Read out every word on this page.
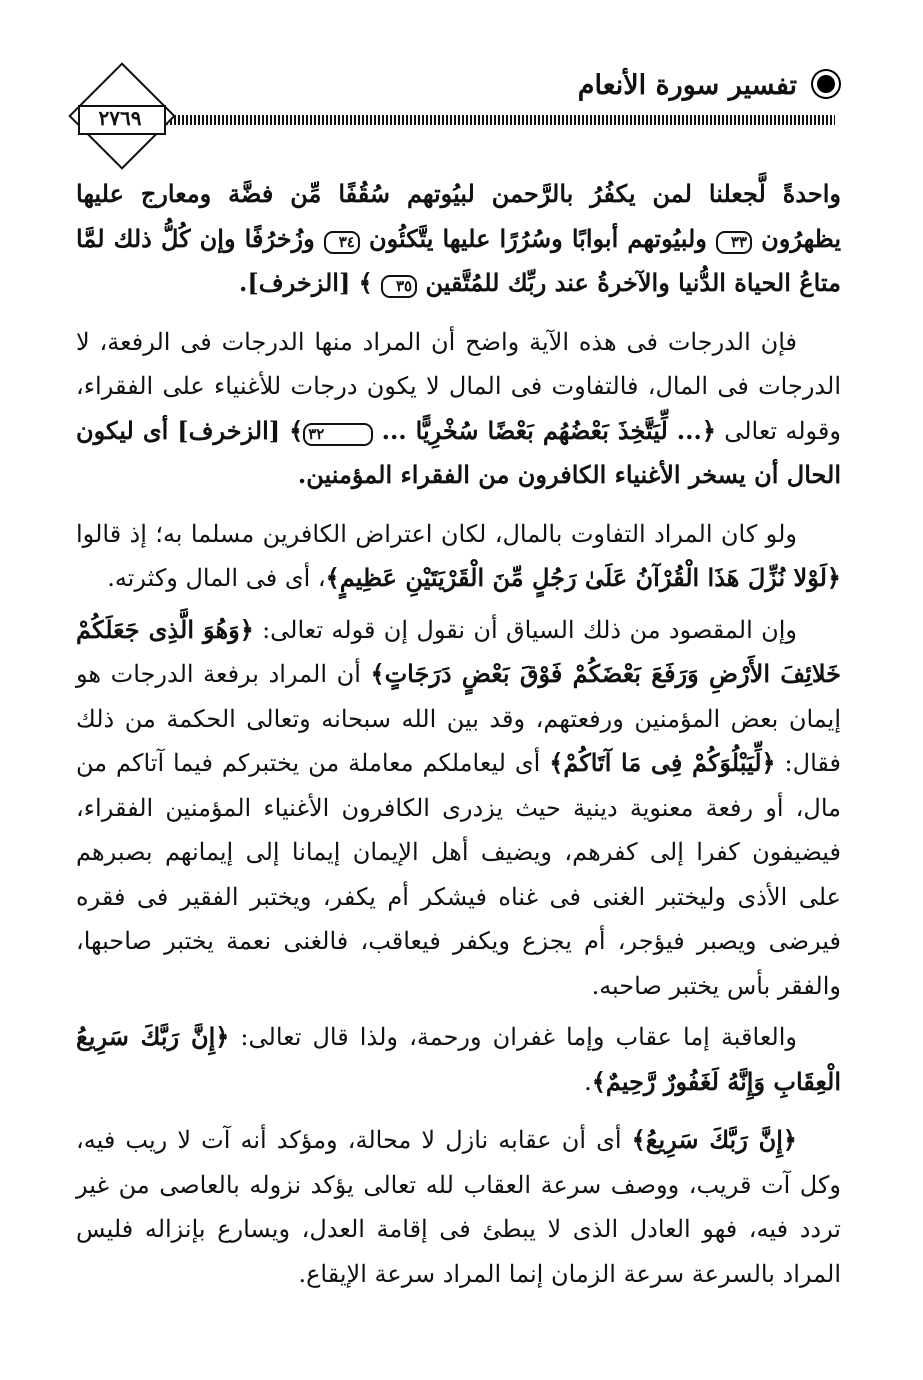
تفسير سورة الأنعام
٢٧٦٩

واحدةً لَّجعلنا لمن يكفُرُ بالرَّحمن لبيُوتهم سُقُفًا مِّن فضَّة ومعارج عليها يظهرُون ٣٣ ولبيُوتهم أبوابًا وسُرُرًا عليها يتَّكئُون ٣٤ وزُخرُفًا وإن كُلُّ ذلك لمَّا متاعُ الحياة الدُّنيا والآخرةُ عند ربِّك للمُتَّقين ٣٥ ﴾ [الزخرف].

فإن الدرجات فى هذه الآية واضح أن المراد منها الدرجات فى الرفعة، لا الدرجات فى المال، فالتفاوت فى المال لا يكون درجات للأغنياء على الفقراء، وقوله تعالى ﴿... لِّيَتَّخِذَ بَعْضُهُم بَعْضًا سُخْرِيًّا ... ٣٢﴾ [الزخرف] أى ليكون الحال أن يسخر الأغنياء الكافرون من الفقراء المؤمنين.

ولو كان المراد التفاوت بالمال، لكان اعتراض الكافرين مسلما به؛ إذ قالوا ﴿لَوْلا نُزِّلَ هَذَا الْقُرْآنُ عَلَىٰ رَجُلٍ مِّنَ الْقَرْيَتَيْنِ عَظِيمٍ﴾، أى فى المال وكثرته.

وإن المقصود من ذلك السياق أن نقول إن قوله تعالى: ﴿وَهُوَ الَّذِى جَعَلَكُمْ خَلائِفَ الأَرْضِ وَرَفَعَ بَعْضَكُمْ فَوْقَ بَعْضٍ دَرَجَاتٍ﴾ أن المراد برفعة الدرجات هو إيمان بعض المؤمنين ورفعتهم، وقد بين الله سبحانه وتعالى الحكمة من ذلك فقال: ﴿لِّيَبْلُوَكُمْ فِى مَا آتَاكُمْ﴾ أى ليعاملكم معاملة من يختبركم فيما آتاكم من مال، أو رفعة معنوية دينية حيث يزدرى الكافرون الأغنياء المؤمنين الفقراء، فيضيفون كفرا إلى كفرهم، ويضيف أهل الإيمان إيمانا إلى إيمانهم بصبرهم على الأذى وليختبر الغنى فى غناه فيشكر أم يكفر، ويختبر الفقير فى فقره فيرضى ويصبر فيؤجر، أم يجزع ويكفر فيعاقب، فالغنى نعمة يختبر صاحبها، والفقر بأس يختبر صاحبه.

والعاقبة إما عقاب وإما غفران ورحمة، ولذا قال تعالى: ﴿إِنَّ رَبَّكَ سَرِيعُ الْعِقَابِ وَإِنَّهُ لَغَفُورٌ رَّحِيمٌ﴾.

﴿إِنَّ رَبَّكَ سَرِيعُ﴾ أى أن عقابه نازل لا محالة، ومؤكد أنه آت لا ريب فيه، وكل آت قريب، ووصف سرعة العقاب لله تعالى يؤكد نزوله بالعاصى من غير تردد فيه، فهو العادل الذى لا يبطئ فى إقامة العدل، ويسارع بإنزاله فليس المراد بالسرعة سرعة الزمان إنما المراد سرعة الإيقاع.
